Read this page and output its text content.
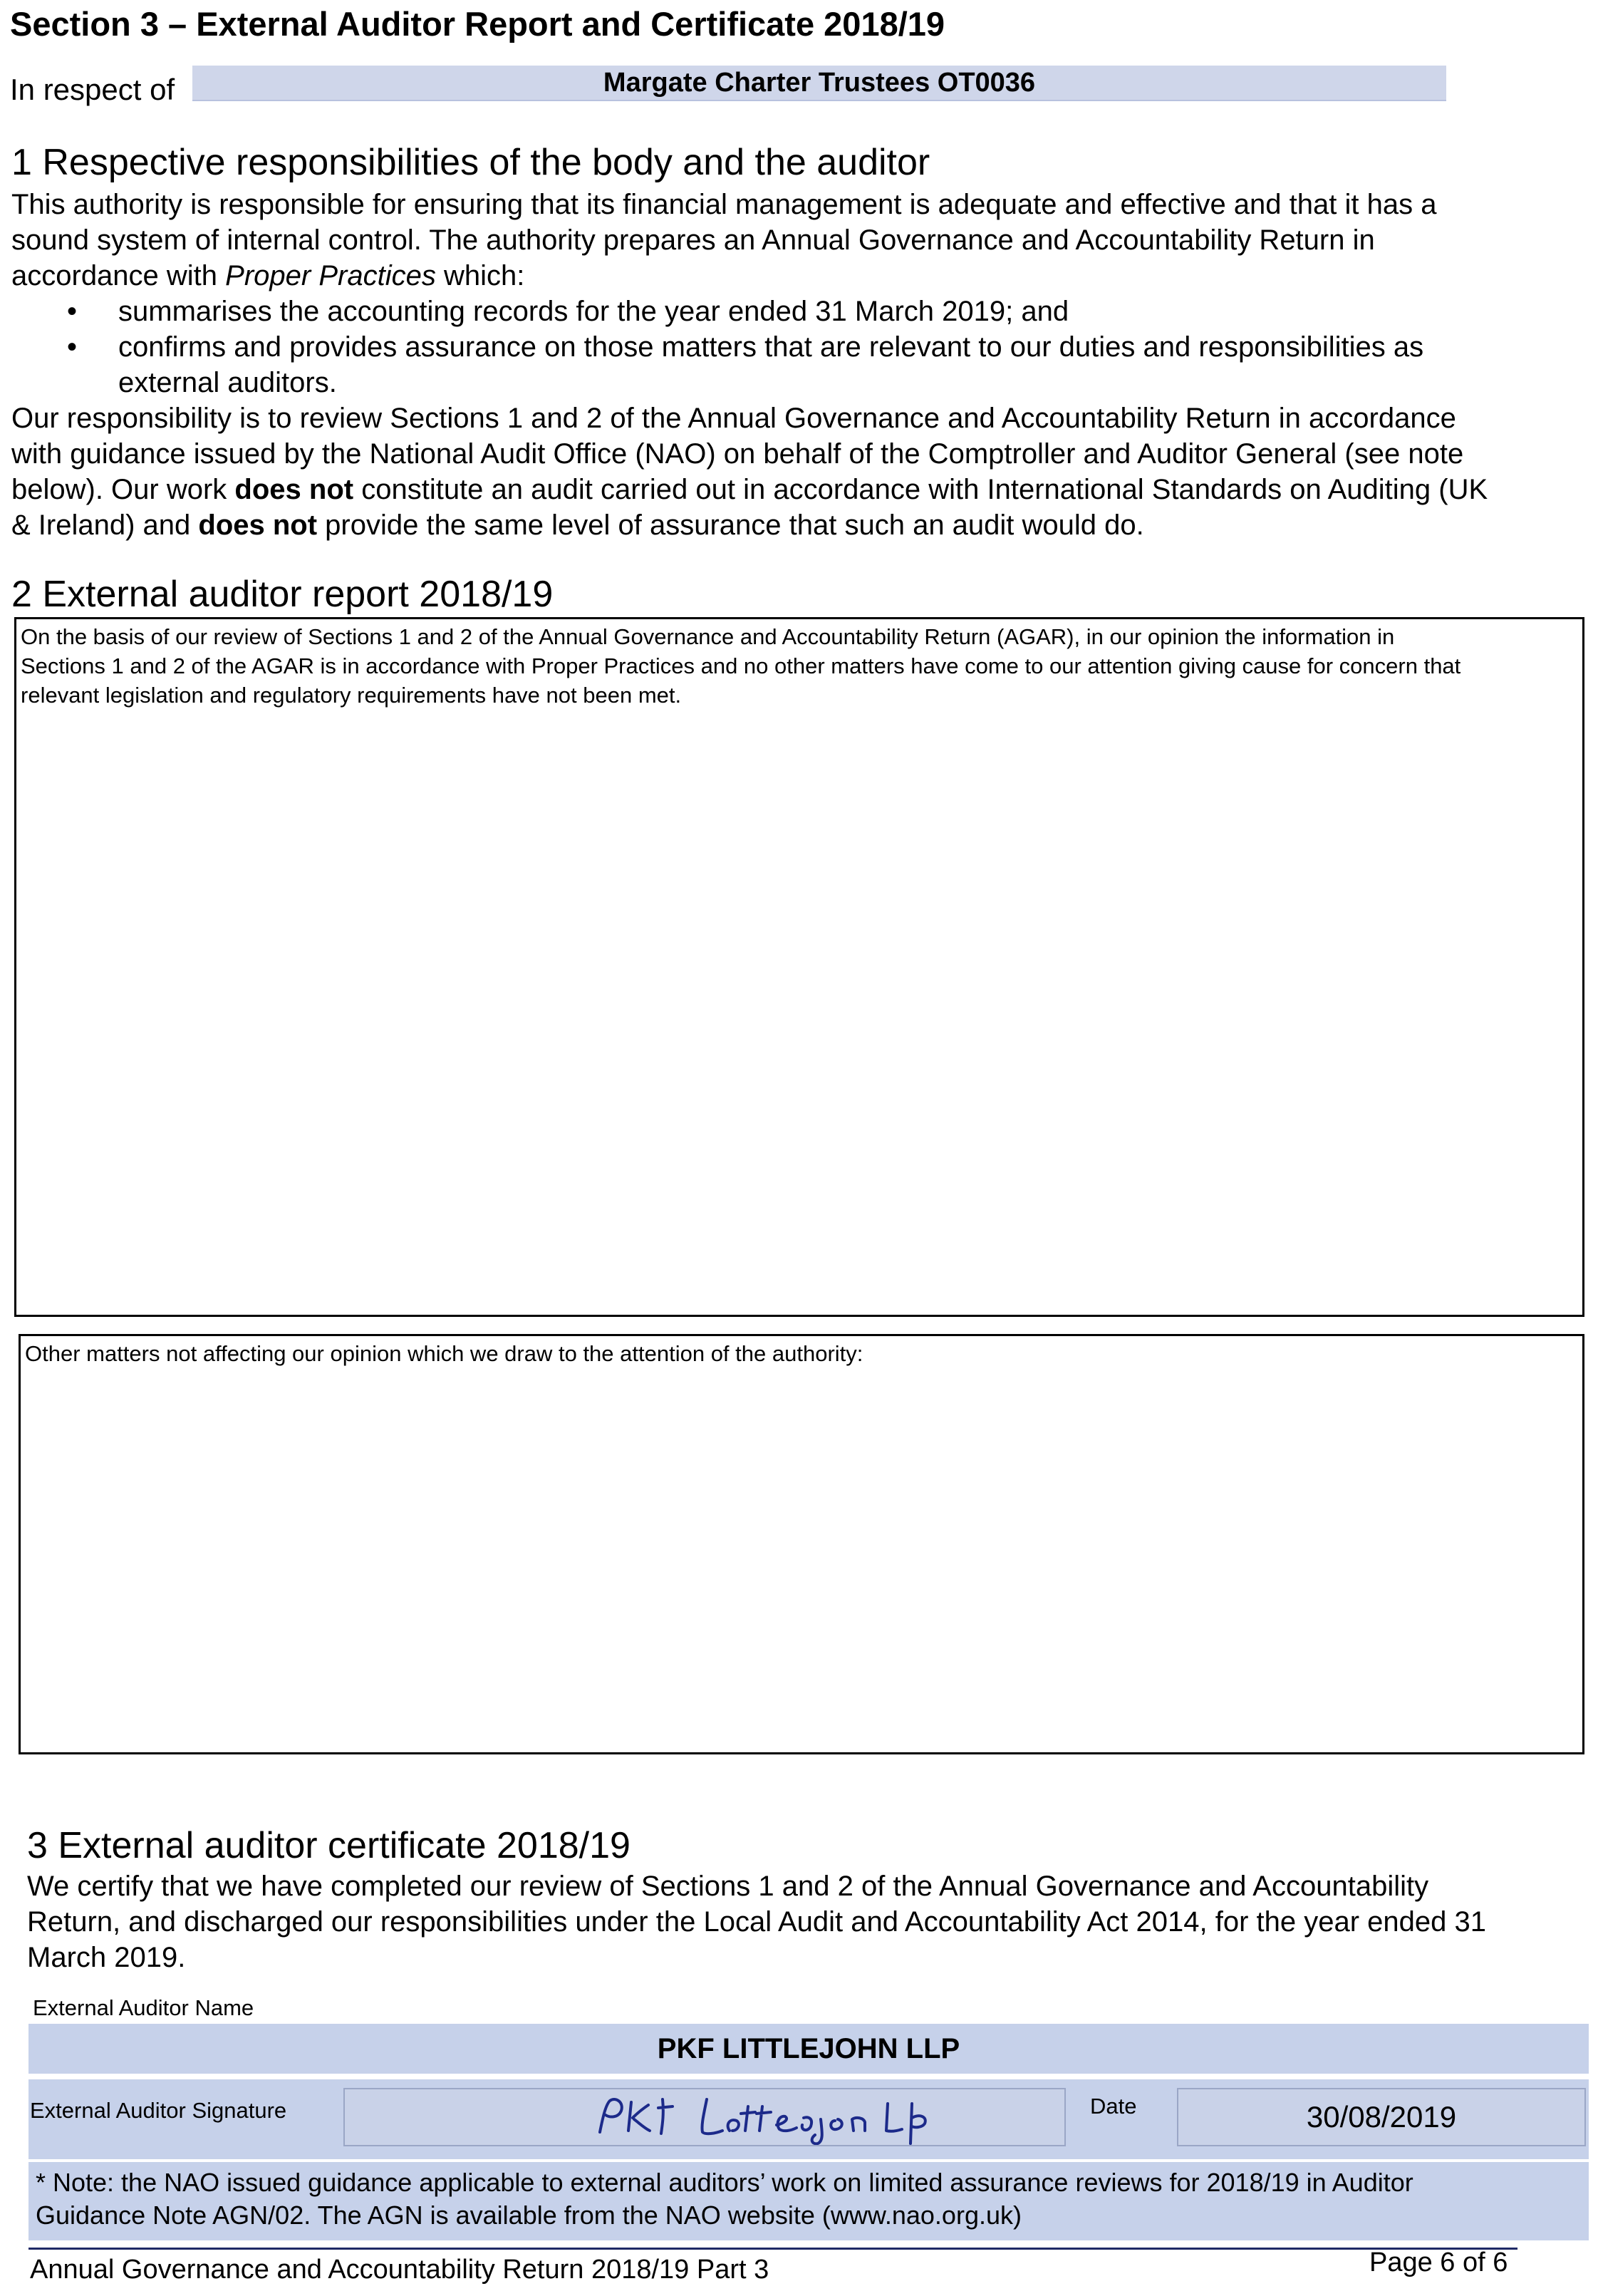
Section 3 – External Auditor Report and Certificate 2018/19
In respect of	Margate Charter Trustees OT0036
1 Respective responsibilities of the body and the auditor

This authority is responsible for ensuring that its financial management is adequate and effective and that it has a

sound system of internal control. The authority prepares an Annual Governance and Accountability Return in

accordance with Proper Practices which:

• summarises the accounting records for the year ended 31 March 2019; and
• confirms and provides assurance on those matters that are relevant to our duties and responsibilities as
external auditors.

Our responsibility is to review Sections 1 and 2 of the Annual Governance and Accountability Return in accordance

with guidance issued by the National Audit Office (NAO) on behalf of the Comptroller and Auditor General (see note

below). Our work does not constitute an audit carried out in accordance with International Standards on Auditing (UK

& Ireland) and does not provide the same level of assurance that such an audit would do.

2 External auditor report 2018/19
On the basis of our review of Sections 1 and 2 of the Annual Governance and Accountability Return (AGAR), in our opinion the information in
Sections 1 and 2 of the AGAR is in accordance with Proper Practices and no other matters have come to our attention giving cause for concern that
relevant legislation and regulatory requirements have not been met.
Other matters not affecting our opinion which we draw to the attention of the authority:
3 External auditor certificate 2018/19

We certify that we have completed our review of Sections 1 and 2 of the Annual Governance and Accountability

Return, and discharged our responsibilities under the Local Audit and Accountability Act 2014, for the year ended 31

March 2019.

External Auditor Name
PKF LITTLEJOHN LLP
External Auditor Signature	Date	30/08/2019
* Note: the NAO issued guidance applicable to external auditors’ work on limited assurance reviews for 2018/19 in Auditor
Guidance Note AGN/02. The AGN is available from the NAO website (www.nao.org.uk)
Annual Governance and Accountability Return 2018/19 Part 3	Page 6 of 6
